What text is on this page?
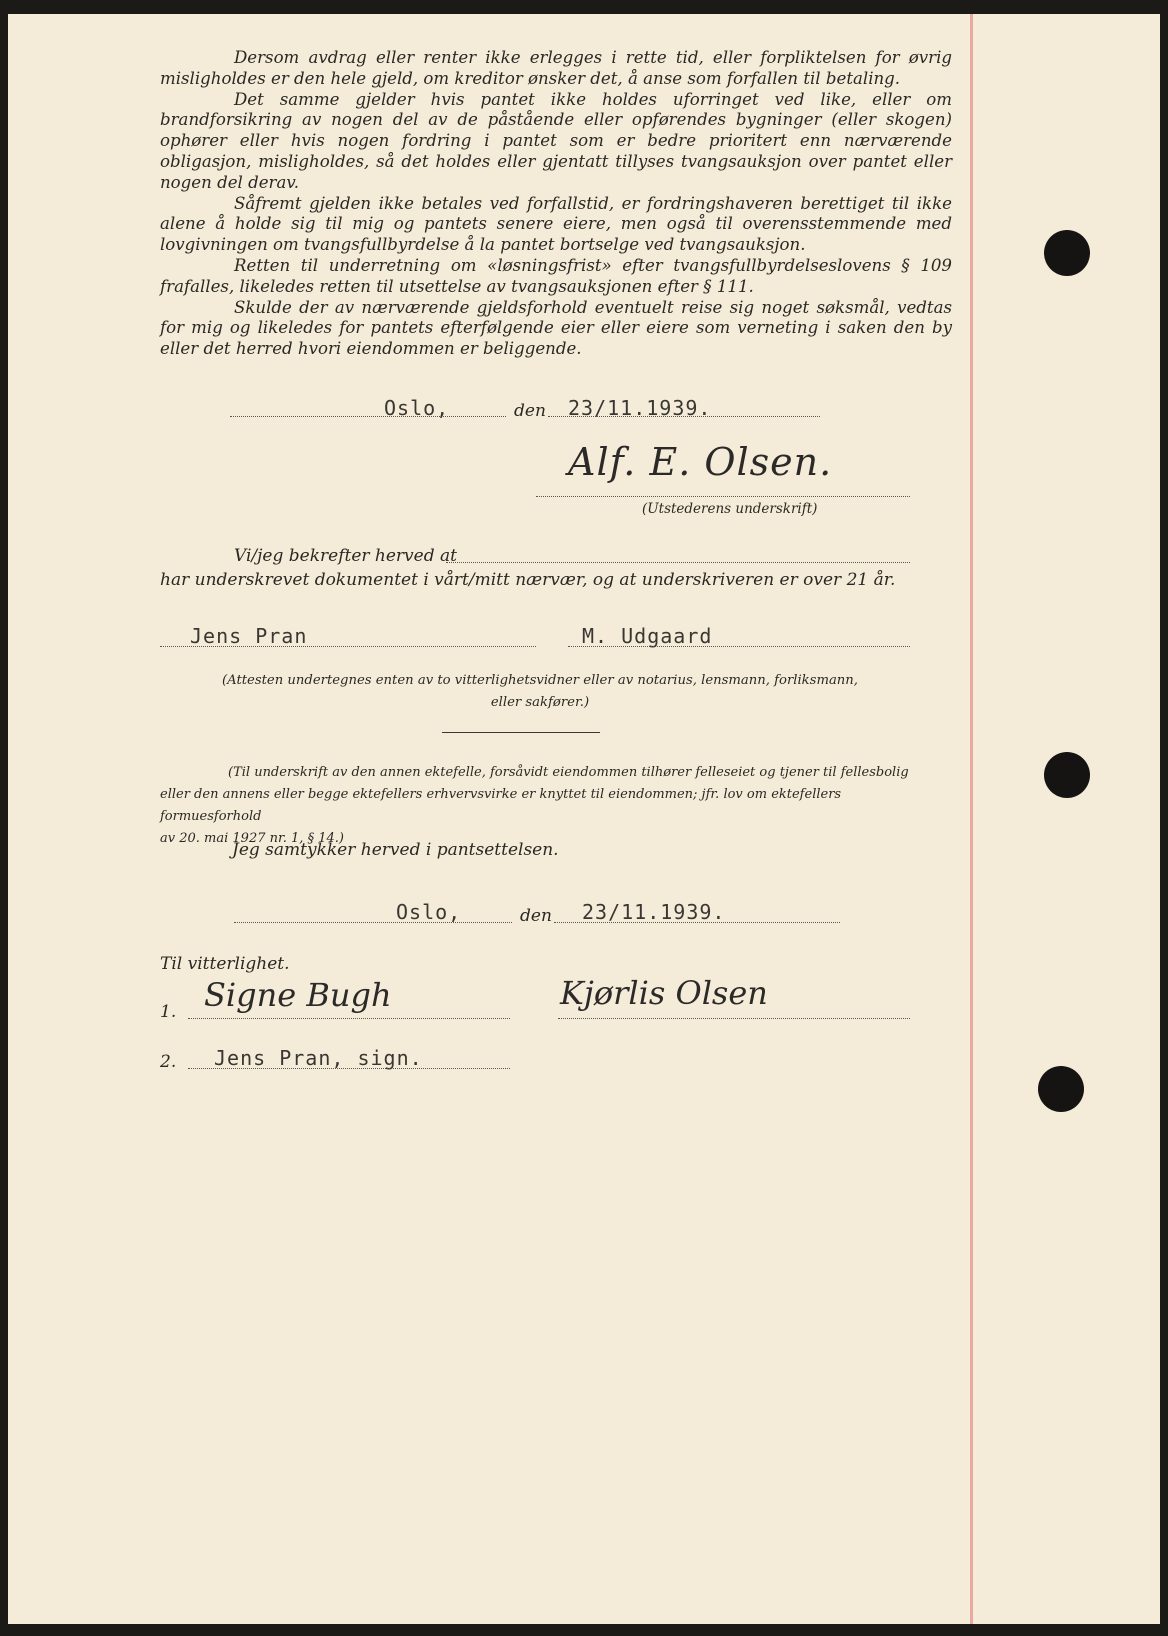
Dersom avdrag eller renter ikke erlegges i rette tid, eller forpliktelsen for øvrig misligholdes er den hele gjeld, om kreditor ønsker det, å anse som forfallen til betaling.

Det samme gjelder hvis pantet ikke holdes uforringet ved like, eller om brandforsikring av nogen del av de påstående eller opførendes bygninger (eller skogen) ophører eller hvis nogen fordring i pantet som er bedre prioritert enn nærværende obligasjon, misligholdes, så det holdes eller gjentatt tillyses tvangsauksjon over pantet eller nogen del derav.

Såfremt gjelden ikke betales ved forfallstid, er fordringshaveren berettiget til ikke alene å holde sig til mig og pantets senere eiere, men også til overensstemmende med lovgivningen om tvangsfullbyrdelse å la pantet bortselge ved tvangsauksjon.

Retten til underretning om «løsningsfrist» efter tvangsfullbyrdelseslovens § 109 frafalles, likeledes retten til utsettelse av tvangsauksjonen efter § 111.

Skulde der av nærværende gjeldsforhold eventuelt reise sig noget søksmål, vedtas for mig og likeledes for pantets efterfølgende eier eller eiere som verneting i saken den by eller det herred hvori eiendommen er beliggende.

Oslo,	den 23/11.1939.
Alf. E. Olsen.
(Utstederens underskrift)
Vi/jeg bekrefter herved at
har underskrevet dokumentet i vårt/mitt nærvær, og at underskriveren er over 21 år.
Jens Pran	M. Udgaard
(Attesten undertegnes enten av to vitterlighetsvidner eller av notarius, lensmann, forliksmann,
eller sakfører.)
(Til underskrift av den annen ektefelle, forsåvidt eiendommen tilhører felleseiet og tjener til fellesbolig
eller den annens eller begge ektefellers erhvervsvirke er knyttet til eiendommen; jfr. lov om ektefellers formuesforhold
av 20. mai 1927 nr. 1, § 14.)
Jeg samtykker herved i pantsettelsen.
Oslo,	den 23/11.1939.
Til vitterlighet.
1. Signe Bugh	Kjørlis Olsen
2. Jens Pran, sign.
